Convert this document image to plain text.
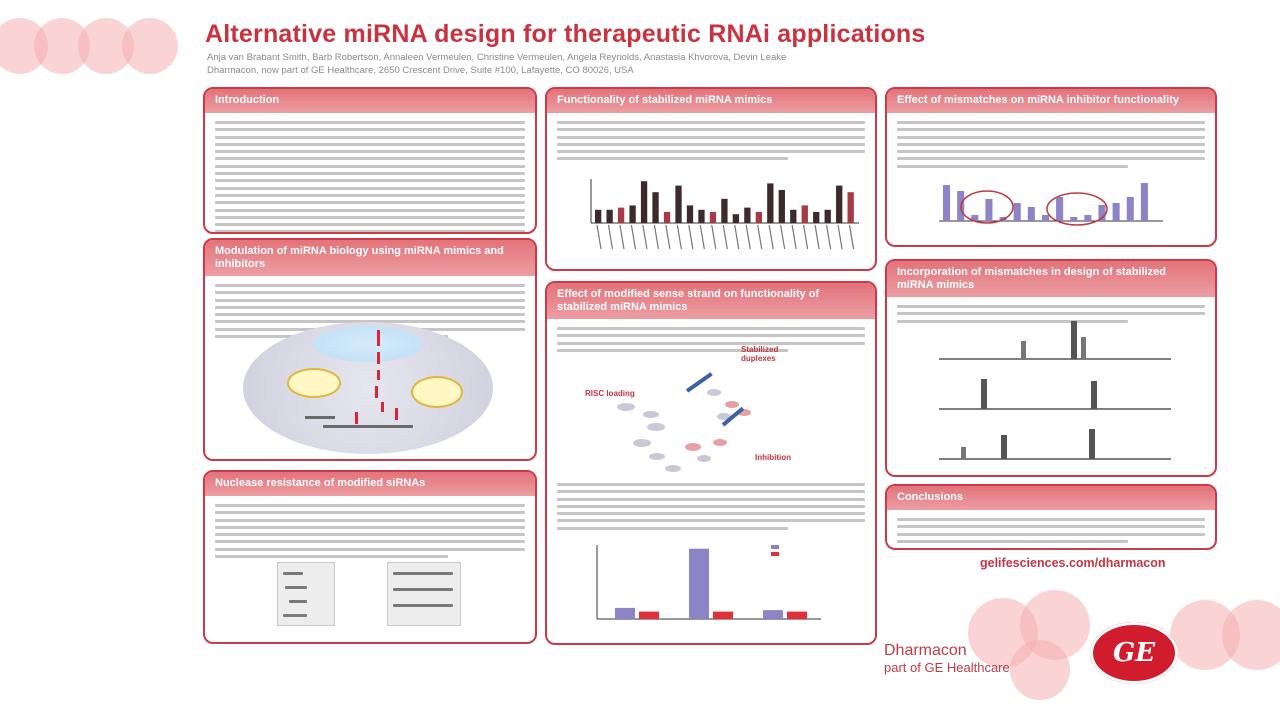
Alternative miRNA design for therapeutic RNAi applications
Anja van Brabant Smith, Barb Robertson, Annaleen Vermeulen, Christine Vermeulen, Angela Reynolds, Anastasia Khvorova, Devin Leake
Dharmacon, now part of GE Healthcare, 2650 Crescent Drive, Suite #100, Lafayette, CO 80026, USA
Introduction
Modulation of miRNA biology using miRNA mimics and inhibitors
Nuclease resistance of modified siRNAs
Functionality of stabilized miRNA mimics
Effect of modified sense strand on functionality of stabilized miRNA mimics
RISC loading
Stabilized duplexes
Inhibition
Effect of mismatches on miRNA inhibitor functionality
Incorporation of mismatches in design of stabilized miRNA mimics
Conclusions
gelifesciences.com/dharmacon
Dharmacon
part of GE Healthcare	GE
